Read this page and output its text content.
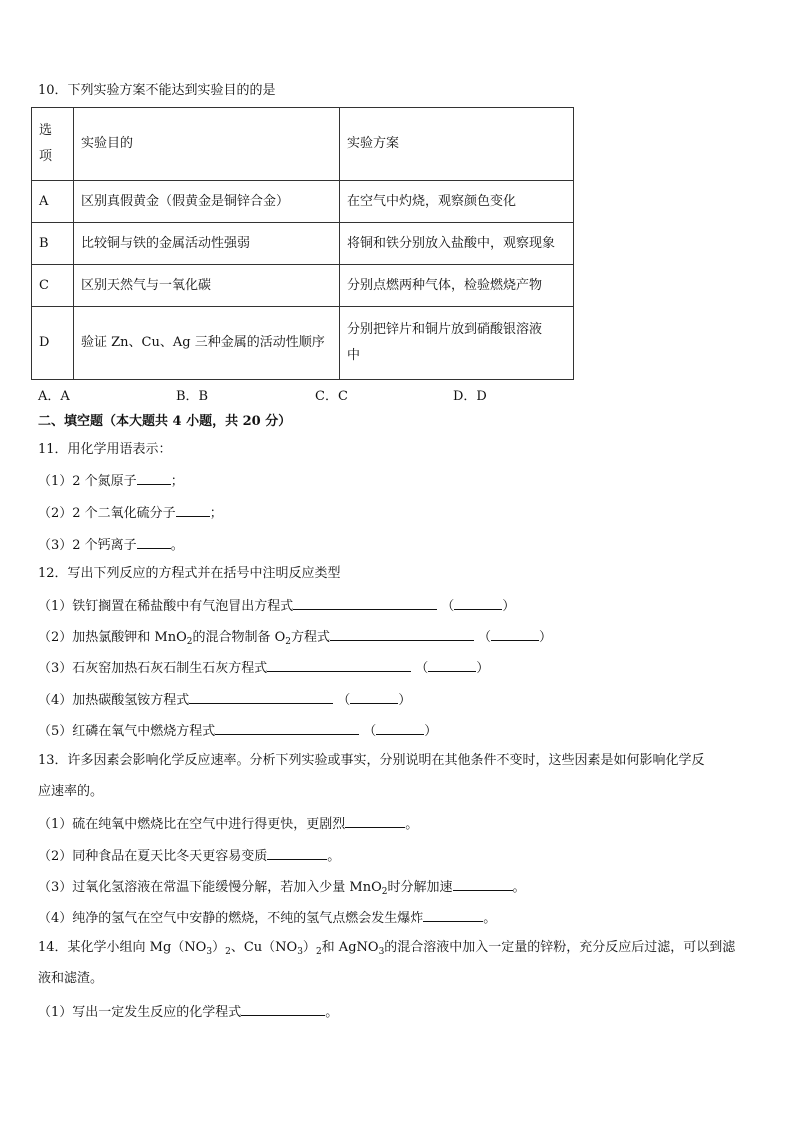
10．下列实验方案不能达到实验目的的是
选
项	实验目的	实验方案
A	区别真假黄金（假黄金是铜锌合金）	在空气中灼烧，观察颜色变化
B	比较铜与铁的金属活动性强弱	将铜和铁分别放入盐酸中，观察现象
C	区别天然气与一氧化碳	分别点燃两种气体，检验燃烧产物
D	验证 Zn、Cu、Ag 三种金属的活动性顺序	分别把锌片和铜片放到硝酸银溶液
中
A．A	B．B	C．C	D．D
二、填空题（本大题共 4 小题，共 20 分）
11．用化学用语表示：
（1）2 个氮原子	；
（2）2 个二氧化硫分子	；
（3）2 个钙离子	。
12．写出下列反应的方程式并在括号中注明反应类型
（1）铁钉搁置在稀盐酸中有气泡冒出方程式	（	）
（2）加热氯酸钾和 MnO$_2$的混合物制备 $O_2$方程式	（	）
（3）石灰窑加热石灰石制生石灰方程式	（	）
（4）加热碳酸氢铵方程式	（	）
（5）红磷在氧气中燃烧方程式	（	）
13．许多因素会影响化学反应速率。分析下列实验或事实，分别说明在其他条件不变时，这些因素是如何影响化学反
应速率的。
（1）硫在纯氧中燃烧比在空气中进行得更快，更剧烈	。
（2）同种食品在夏天比冬天更容易变质	。
（3）过氧化氢溶液在常温下能缓慢分解，若加入少量 MnO$_2$时分解加速	。
（4）纯净的氢气在空气中安静的燃烧，不纯的氢气点燃会发生爆炸	。
14．某化学小组向 $Mg(NO_3)_2$、$Cu(NO_3)_2$和 AgNO$_3$的混合溶液中加入一定量的锌粉，充分反应后过滤，可以到滤
液和滤渣。
（1）写出一定发生反应的化学程式	。
